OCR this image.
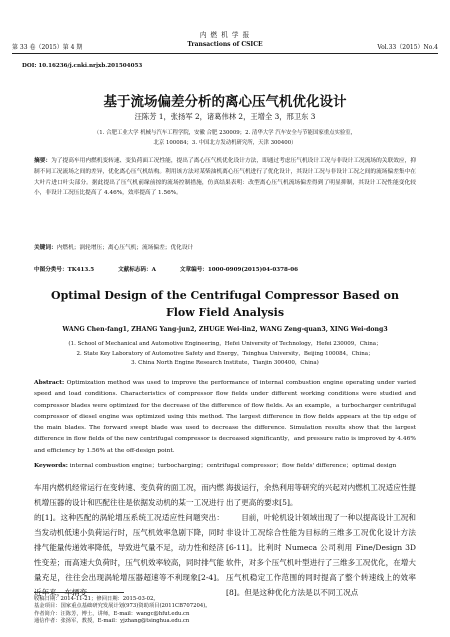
第 33 卷（2015）第 4 期
内 燃 机 学 报
Transactions of CSICE	Vol.33（2015）No.4
DOI: 10.16236/j.cnki.nrjxb.201504053
基于流场偏差分析的离心压气机优化设计
汪陈芳 1，张扬军 2，诸葛伟林 2，王增全 3，邢卫东 3
（1. 合肥工业大学 机械与汽车工程学院，安徽 合肥 230009；2. 清华大学 汽车安全与节能国家重点实验室，
北京 100084；3. 中国北方发动机研究所，天津 300400）
摘要：为了提高车用内燃机变转速、变负荷面工况性能，提出了离心压气机优化设计方法，即通过考虑压气机设计工况与非设计工况流场的关联效应，抑制不同工况流场之间的差异，优化离心压气机结构。利用该方法对某柴油机离心压气机进行了优化设计，其设计工况与非设计工况之间的流场偏差集中在大叶片进口叶尖部分。据此提出了压气机前缘前掠的流场控制措施，仿真结果表明：改型离心压气机流场偏差得到了明显抑制，其设计工况性能变化较小，非设计工况压比提高了 4.46%，效率提高了 1.56%。
关键词：内燃机；涡轮增压；离心压气机；流场偏差；优化设计
中图分类号：TK413.5	文献标志码：A	文章编号：1000-0909(2015)04-0378-06
Optimal Design of the Centrifugal Compressor Based on
Flow Field Analysis
WANG Chen-fang1, ZHANG Yang-jun2, ZHUGE Wei-lin2, WANG Zeng-quan3, XING Wei-dong3
(1. School of Mechanical and Automotive Engineering，Hefei University of Technology，Hefei 230009，China；
2. State Key Laboratory of Automotive Safety and Energy，Tsinghua University，Beijing 100084，China；
3. China North Engine Research Institute，Tianjin 300400，China)
Abstract: Optimization method was used to improve the performance of internal combustion engine operating under varied speed and load conditions. Characteristics of compressor flow fields under different working conditions were studied and compressor blades were optimized for the decrease of the difference of flow fields. As an example，a turbocharger centrifugal compressor of diesel engine was optimized using this method. The largest difference in flow fields appears at the tip edge of the main blades. The forward swept blade was used to decrease the difference. Simulation results show that the largest difference in flow fields of the new centrifugal compressor is decreased significantly，and pressure ratio is improved by 4.46% and efficiency by 1.56% at the off-design point.
Keywords: internal combustion engine；turbocharging；centrifugal compressor；flow fields' difference；optimal design
车用内燃机经常运行在变转速、变负荷的面工况，而内燃机增压器的设计和匹配往往是依据发动机的某一工况进行的[1]。这种匹配的涡轮增压系统工况适应性问题突出：当发动机低速小负荷运行时，压气机效率急剧下降，同时排气能量传递效率降低，导致进气量不足，动力性和经济性变差；而高速大负荷时，压气机效率较高，同时排气能量充足，往往会出现涡轮增压器超速等不利现象[2-4]。近年来，车辆变
海拔运行，余热利用等研究的兴起对内燃机工况适应性提出了更高的要求[5]。
　　目前，叶轮机设计领域出现了一种以提高设计工况和非设计工况综合性能为目标的三维多工况优化设计方法[6-11]。比利时 Numeca 公司利用 Fine/Design 3D 软件，对多个压气机叶型进行了三维多工况优化，在增大压气机稳定工作范围的同时提高了整个转速线上的效率[8]。但是这种优化方法是以不同工况点
收稿日期：2014-11-21；修回日期：2015-03-02。
基金项目：国家重点基础研究发展计划(973)资助项目(2011CB707204)。
作者简介：汪陈芳，博士，讲师，E-mail：wangc@hfut.edu.cn
通信作者：张扬军，教授，E-mail：yjzhang@tsinghua.edu.cn
